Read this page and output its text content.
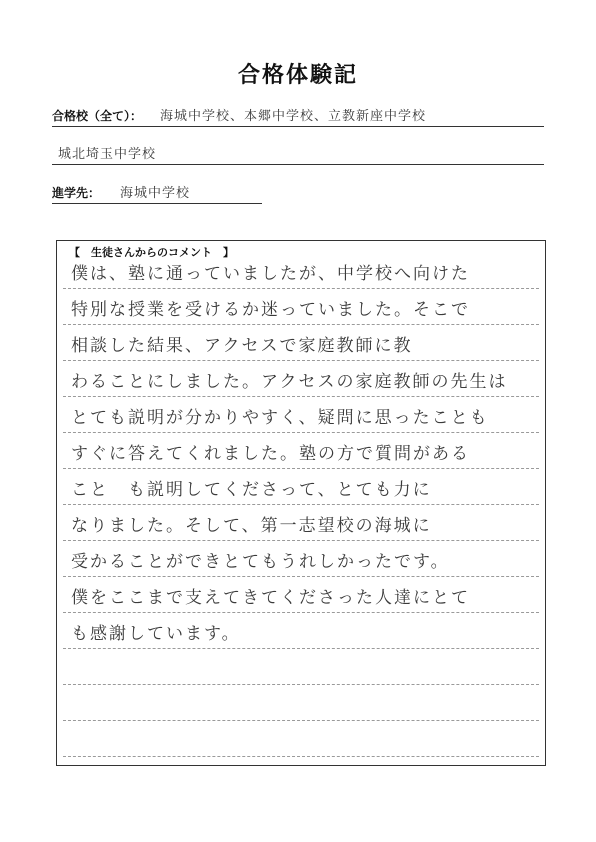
合格体験記
合格校（全て）： 海城中学校、本郷中学校、立教新座中学校
城北埼玉中学校
進学先： 海城中学校
【　生徒さんからのコメント　】
僕は、塾に通っていましたが、中学校へ向けた
特別な授業を受けるか迷っていました。そこで
相談した結果、アクセスで家庭教師に教
わることにしました。アクセスの家庭教師の先生は
とても説明が分かりやすく、疑問に思ったことも
すぐに答えてくれました。塾の方で質問がある
こと　も説明してくださって、とても力に
なりました。そして、第一志望校の海城に
受かることができとてもうれしかったです。
僕をここまで支えてきてくださった人達にとて
も感謝しています。
